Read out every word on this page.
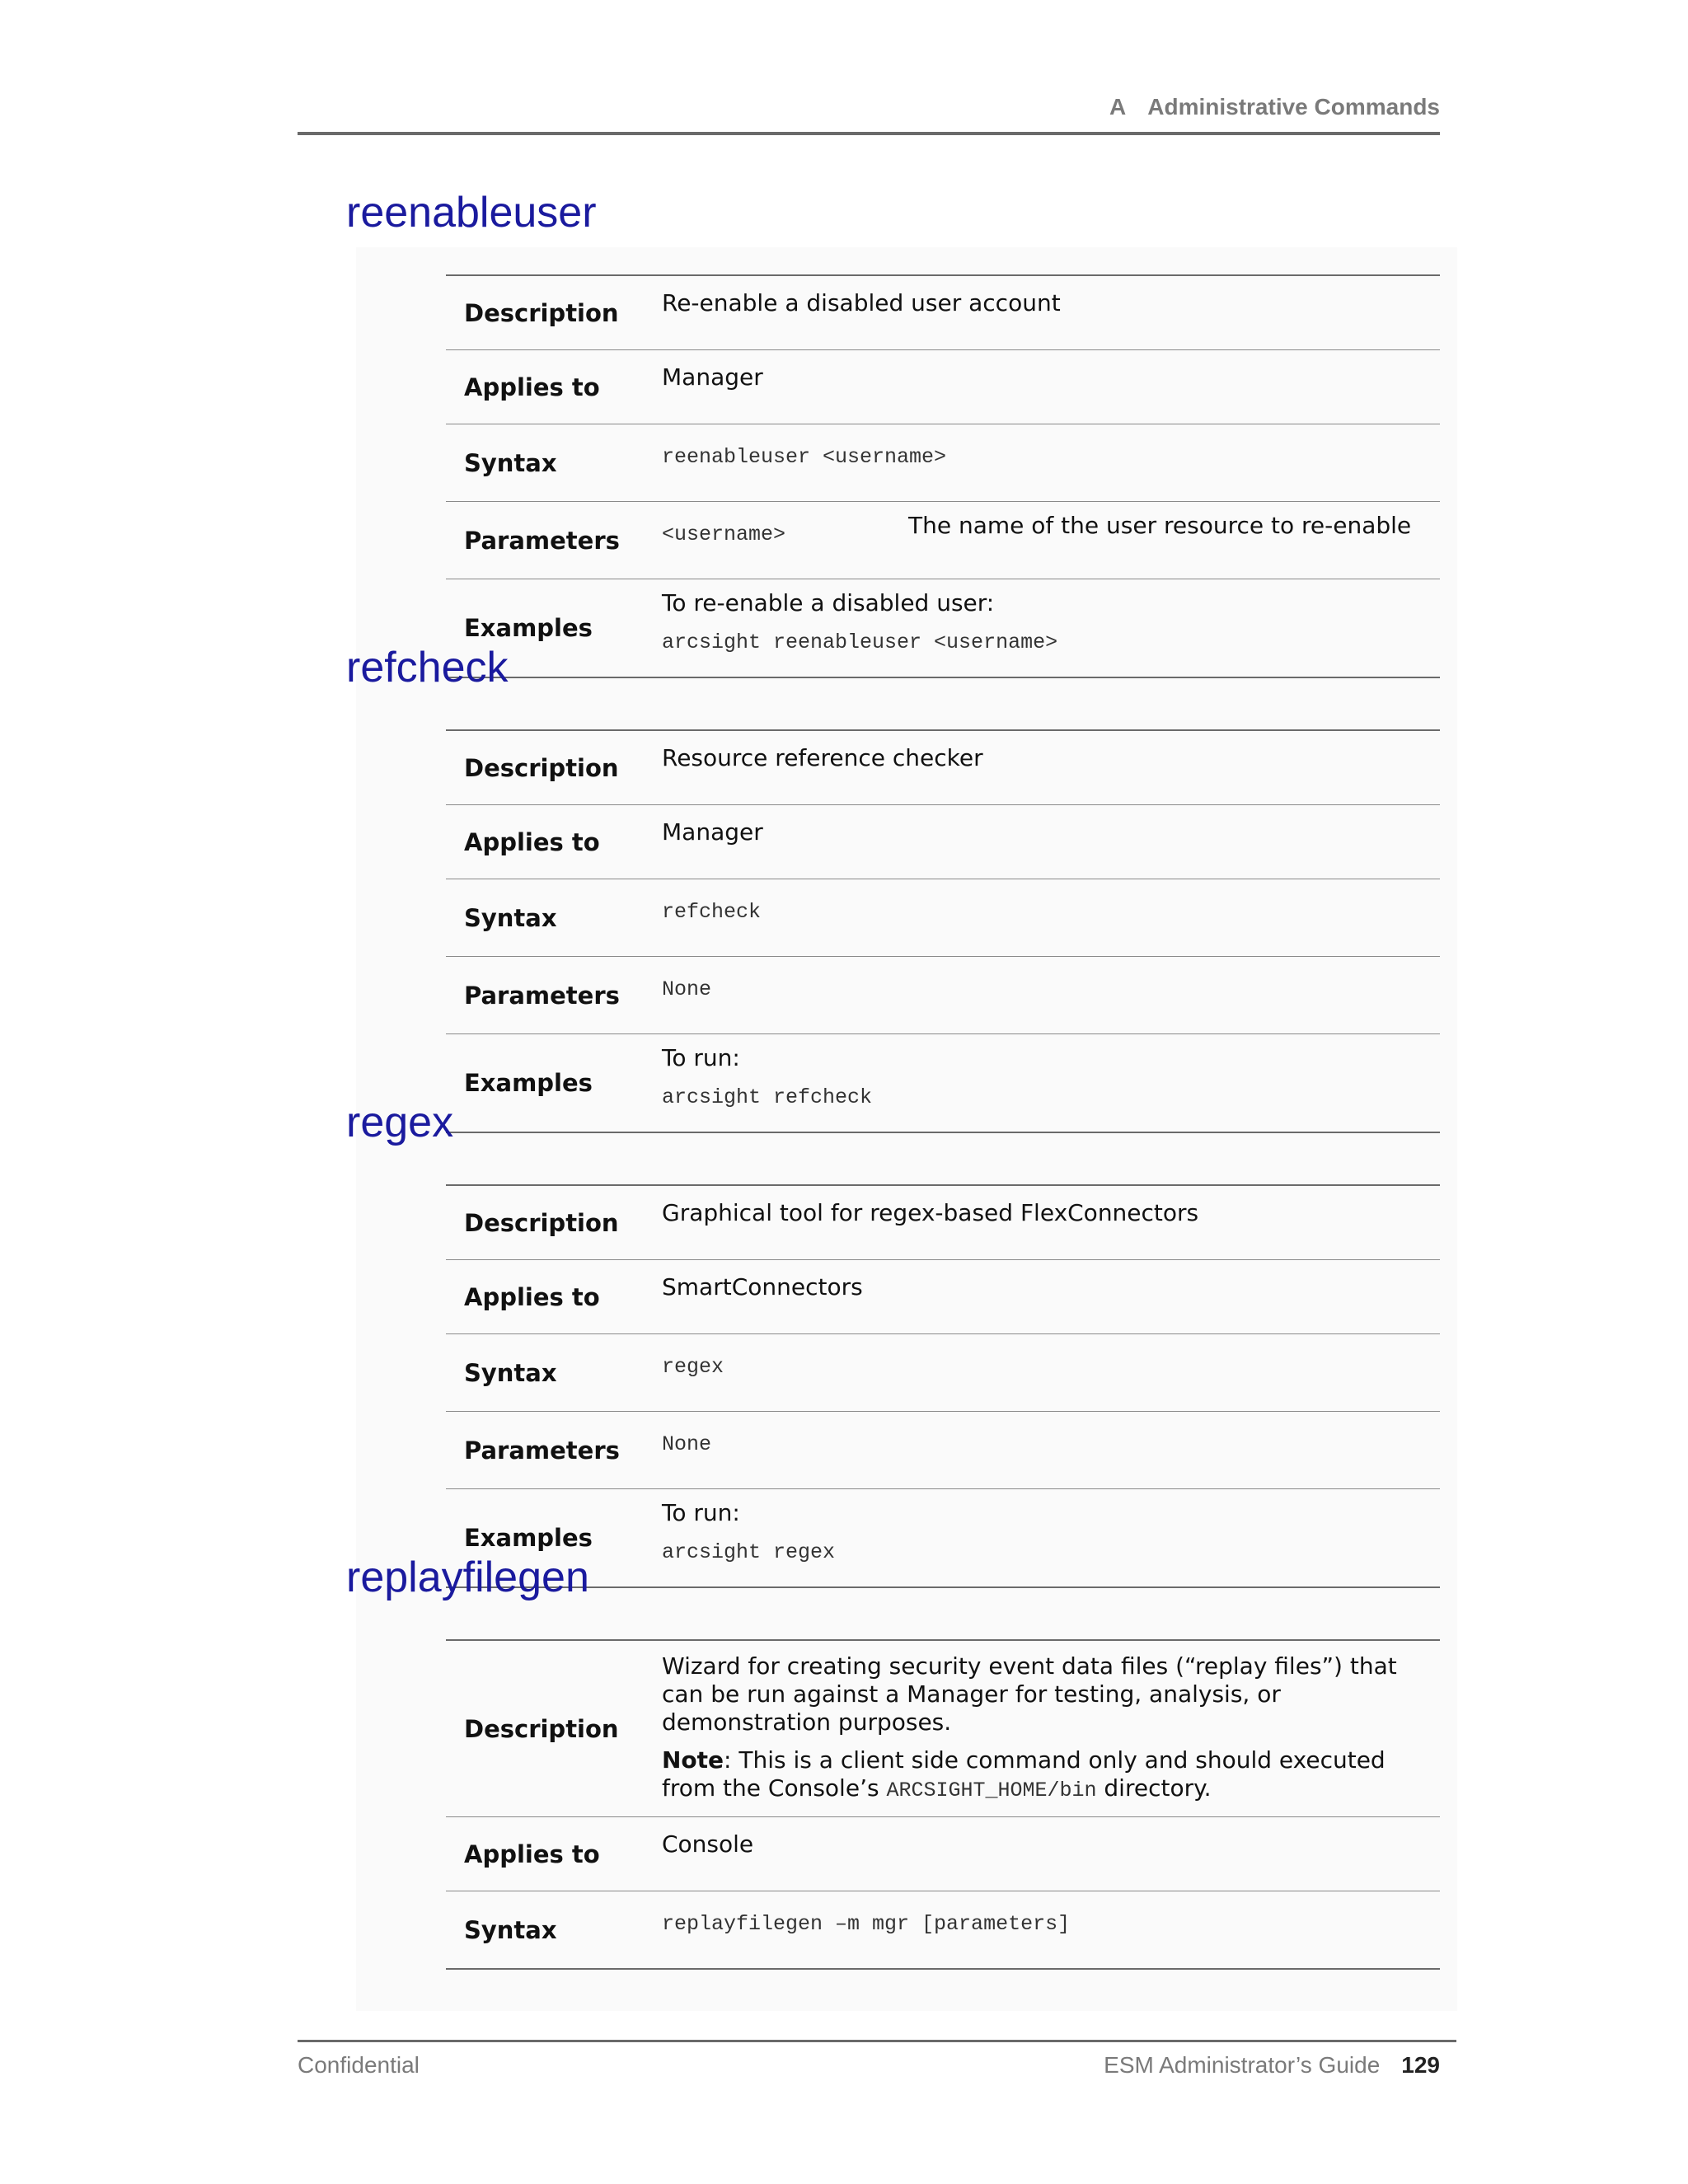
A Administrative Commands
reenableuser
Description	Re-enable a disabled user account
Applies to	Manager
Syntax	reenableuser <username>
Parameters	<username> The name of the user resource to re-enable

Examples	To re-enable a disabled user:
arcsight reenableuser <username>
refcheck
Description	Resource reference checker
Applies to	Manager
Syntax	refcheck
Parameters	None
Examples	To run:
arcsight refcheck
regex
Description	Graphical tool for regex-based FlexConnectors
Applies to	SmartConnectors
Syntax	regex
Parameters	None
Examples	To run:
arcsight regex
replayfilegen
Description	Wizard for creating security event data files (“replay files”) that can be run against a Manager for testing, analysis, or demonstration purposes.

Note: This is a client side command only and should executed from the Console’s ARCSIGHT_HOME/bin directory.

Applies to	Console
Syntax	replayfilegen –m mgr [parameters]
Confidential	ESM Administrator’s Guide 129
